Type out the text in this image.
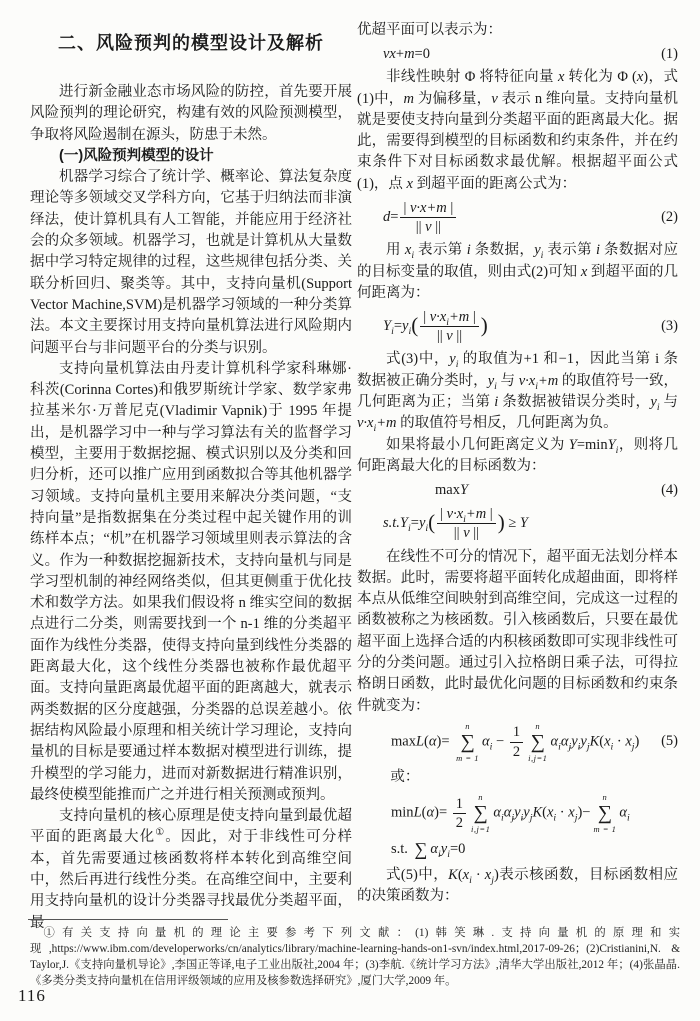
二、风险预判的模型设计及解析

进行新金融业态市场风险的防控，首先要开展风险预判的理论研究，构建有效的风险预测模型，争取将风险遏制在源头，防患于未然。

(一)风险预判模型的设计

机器学习综合了统计学、概率论、算法复杂度理论等多领域交叉学科方向，它基于归纳法而非演绎法，使计算机具有人工智能，并能应用于经济社会的众多领域。机器学习，也就是计算机从大量数据中学习特定规律的过程，这些规律包括分类、关联分析回归、聚类等。其中，支持向量机(Support Vector Machine,SVM)是机器学习领域的一种分类算法。本文主要探讨用支持向量机算法进行风险期内问题平台与非问题平台的分类与识别。

支持向量机算法由丹麦计算机科学家科琳娜·科茨(Corinna Cortes)和俄罗斯统计学家、数学家弗拉基米尔·万普尼克(Vladimir Vapnik)于 1995 年提出，是机器学习中一种与学习算法有关的监督学习模型，主要用于数据挖掘、模式识别以及分类和回归分析，还可以推广应用到函数拟合等其他机器学习领域。支持向量机主要用来解决分类问题，“支持向量”是指数据集在分类过程中起关键作用的训练样本点；“机”在机器学习领域里则表示算法的含义。作为一种数据挖掘新技术，支持向量机与同是学习型机制的神经网络类似，但其更侧重于优化技术和数学方法。如果我们假设将 n 维实空间的数据点进行二分类，则需要找到一个 n-1 维的分类超平面作为线性分类器，使得支持向量到线性分类器的距离最大化，这个线性分类器也被称作最优超平面。支持向量距离最优超平面的距离越大，就表示两类数据的区分度越强，分类器的总误差越小。依据结构风险最小原理和相关统计学习理论，支持向量机的目标是要通过样本数据对模型进行训练，提升模型的学习能力，进而对新数据进行精准识别，最终使模型能推而广之并进行相关预测或预判。

支持向量机的核心原理是使支持向量到最优超平面的距离最大化①。因此，对于非线性可分样本，首先需要通过核函数将样本转化到高维空间中，然后再进行线性分类。在高维空间中，主要利用支持向量机的设计分类器寻找最优分类超平面，最

优超平面可以表示为：

vx+m=0	(1)

非线性映射 Φ 将特征向量 x 转化为 Φ (x)，式(1)中，m 为偏移量，v 表示 n 维向量。支持向量机就是要使支持向量到分类超平面的距离最大化。据此，需要得到模型的目标函数和约束条件，并在约束条件下对目标函数求最优解。根据超平面公式(1)，点 x 到超平面的距离公式为：

$d= \frac{| v\cdot x+m |}{|| v ||}$	(2)

用 $x_i$ 表示第 i 条数据，$y_i$ 表示第 i 条数据对应的目标变量的取值，则由式(2)可知 x 到超平面的几何距离为：

$Y_i=y_i( \frac{| v\cdot x_i+m |}{|| v ||}$ )	(3)

式(3)中，$y_i$ 的取值为+1 和−1，因此当第 i 条数据被正确分类时，$y_i$ 与 $v\cdot x_i+m$ 的取值符号一致，几何距离为正；当第 i 条数据被错误分类时，$y_i$ 与 $v\cdot x_i+m$ 的取值符号相反，几何距离为负。

如果将最小几何距离定义为 Y=minY$_i$，则将几何距离最大化的目标函数为：

maxY	(4)
$s.t.Y_i=y_i( \frac{| v\cdot x_i+m |}{|| v ||}$ ) ≥ Y

在线性不可分的情况下，超平面无法划分样本数据。此时，需要将超平面转化成超曲面，即将样本点从低维空间映射到高维空间，完成这一过程的函数被称之为核函数。引入核函数后，只要在最优超平面上选择合适的内积核函数即可实现非线性可分的分类问题。通过引入拉格朗日乘子法，可得拉格朗日函数，此时最优化问题的目标函数和约束条件就变为：

maxL(α)=
n
∑
m = 1
$\alpha_i - \frac{1}{2}$ n
∑
i,j=1
$\alpha_i\alpha_jy_iy_jK(x_i \cdot x_j)$ (5)

或：

$\min L(\alpha)= \frac{1}{2}$ n
∑
i,j=1
$\alpha_i\alpha_jy_iy_jK(x_i \cdot x_j)-$
n
∑
m = 1
$\alpha_i$
s.t. ∑ $\alpha_iy_i=0$

式(5)中，$K(x_i \cdot x_j)$表示核函数，目标函数相应的决策函数为：

①有关支持向量机的理论主要参考下列文献：(1)韩笑琳.支持向量机的原理和实现,https://www.ibm.com/developerworks/cn/analytics/library/machine-learning-hands-on1-svn/index.html,2017-09-26；(2)Cristianini,N. & Taylor,J.《支持向量机导论》,李国正等译,电子工业出版社,2004 年；(3)李航.《统计学习方法》,清华大学出版社,2012 年；(4)张晶晶.《多类分类支持向量机在信用评级领域的应用及核参数选择研究》,厦门大学,2009 年。

116
